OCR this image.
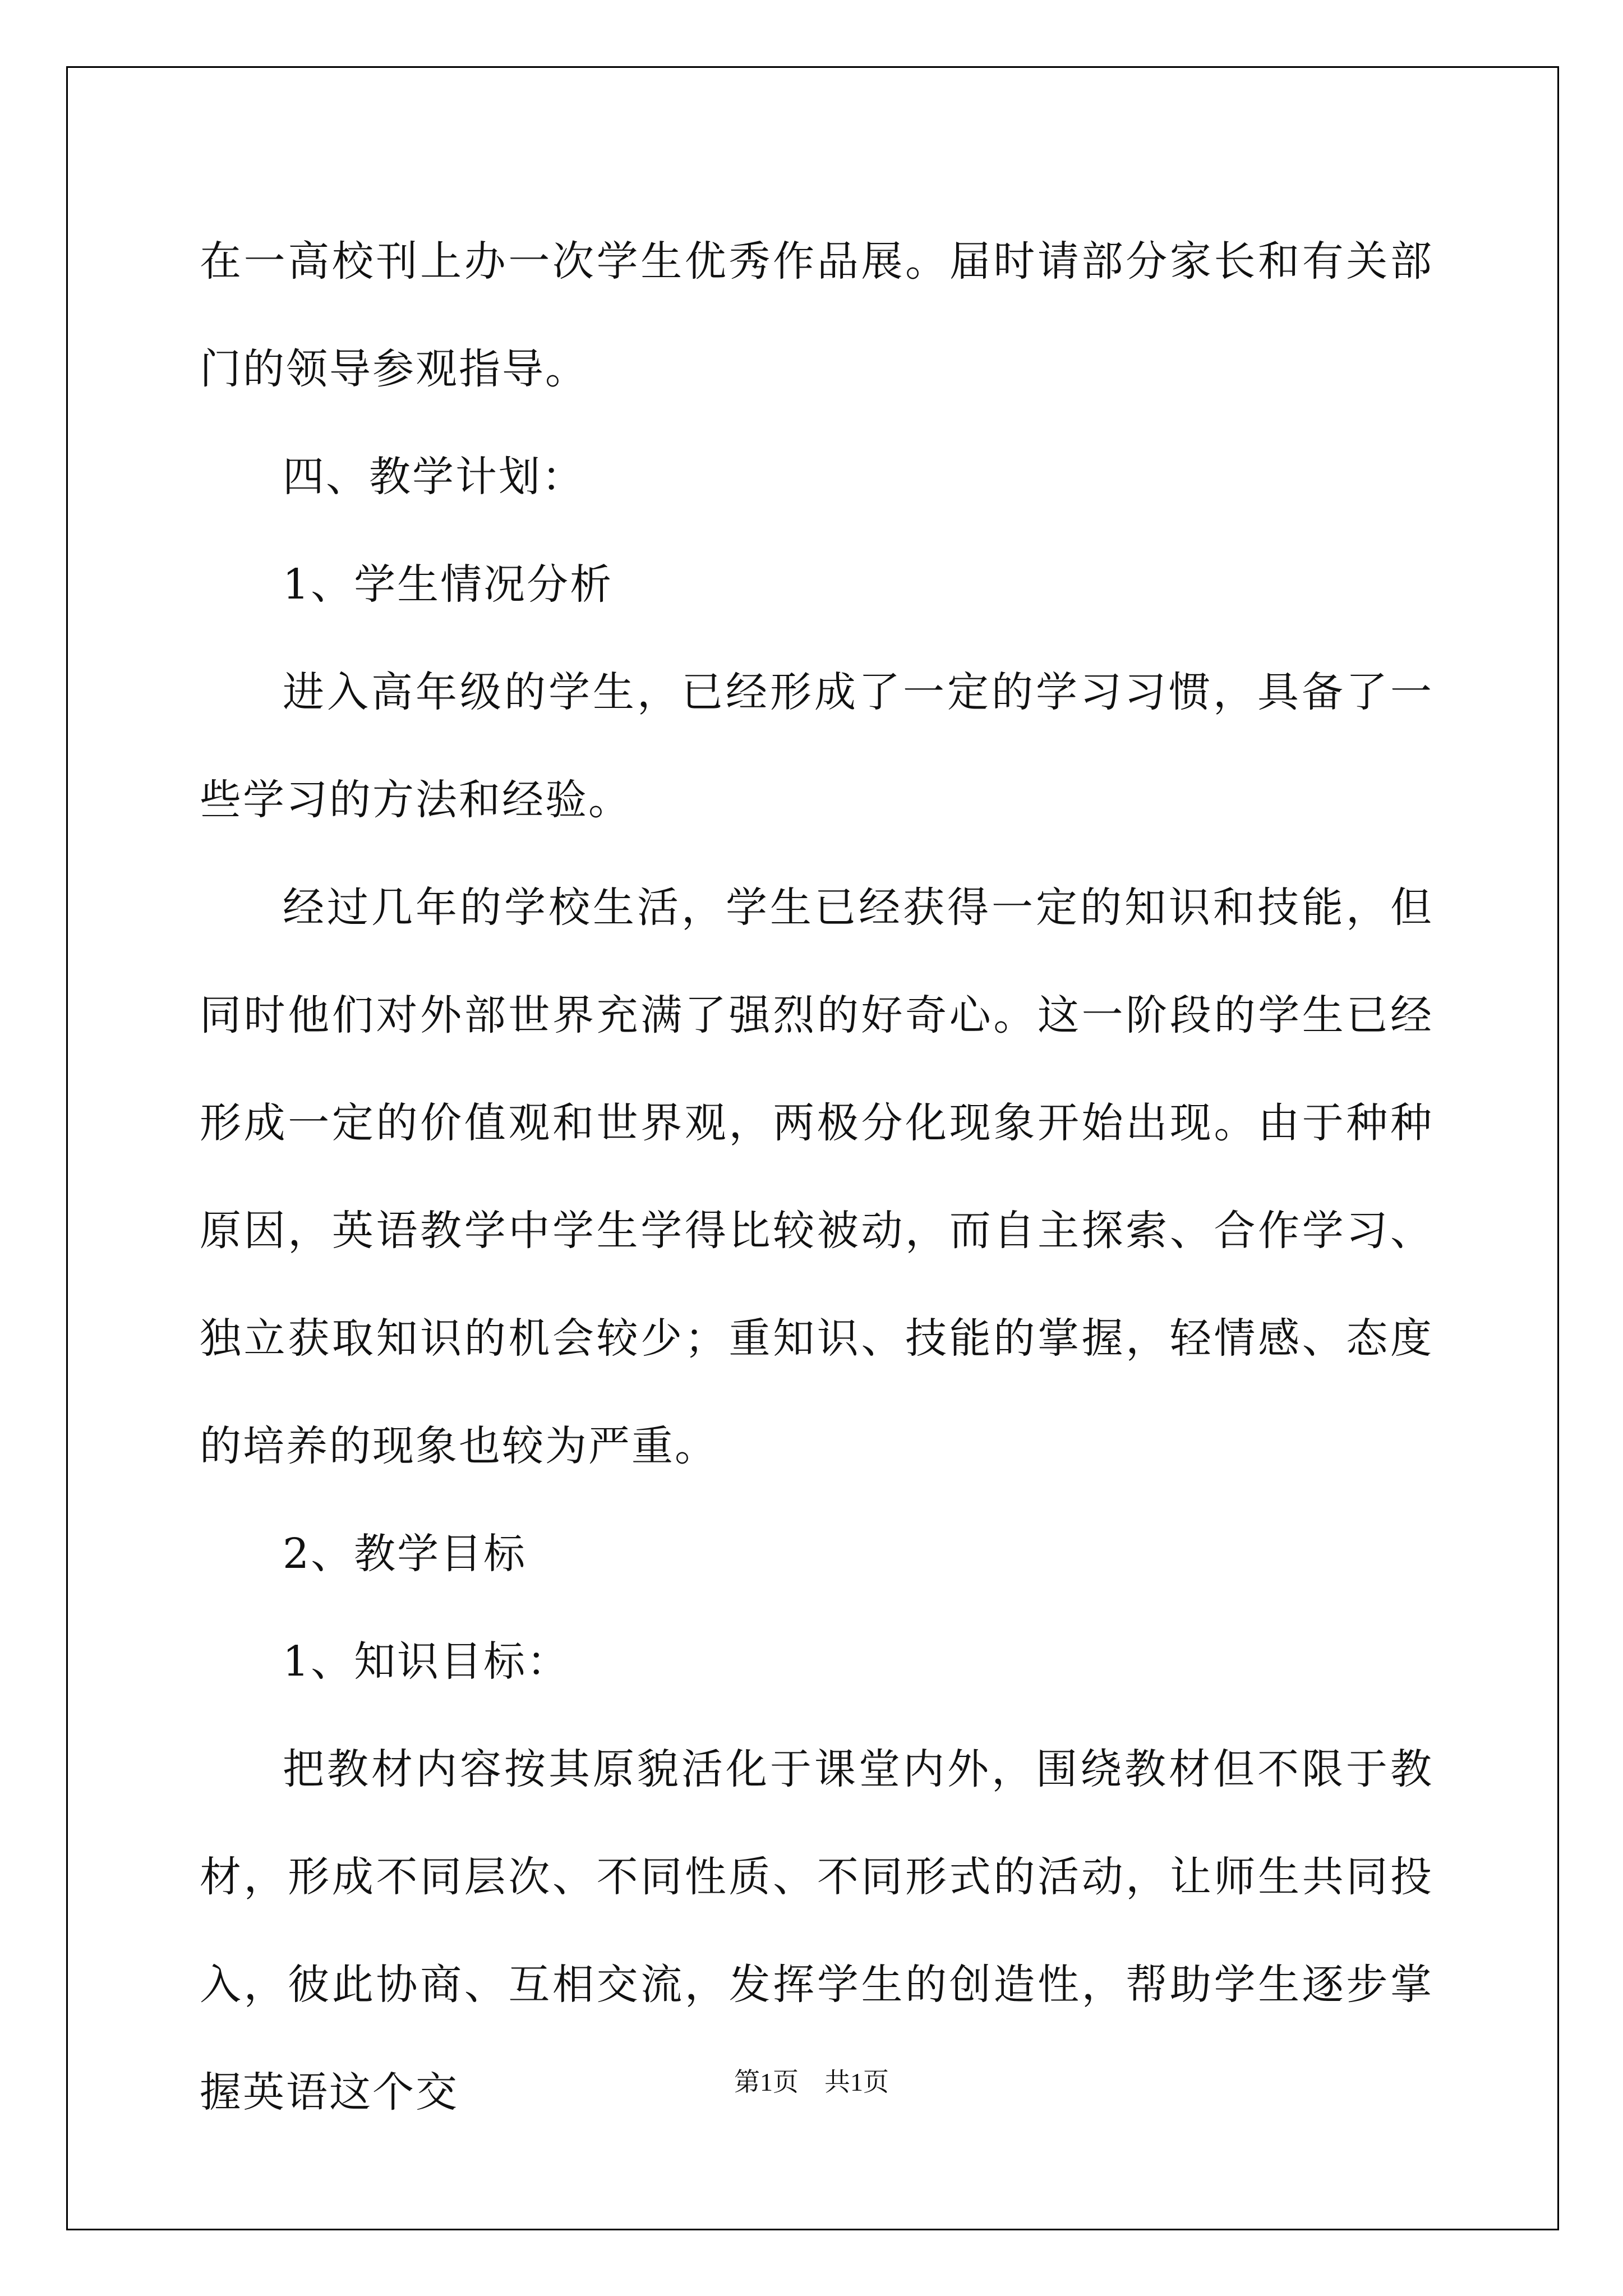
在一高校刊上办一次学生优秀作品展。届时请部分家长和有关部门的领导参观指导。

四、教学计划：

1、学生情况分析

进入高年级的学生，已经形成了一定的学习习惯，具备了一些学习的方法和经验。

经过几年的学校生活，学生已经获得一定的知识和技能，但同时他们对外部世界充满了强烈的好奇心。这一阶段的学生已经形成一定的价值观和世界观，两极分化现象开始出现。由于种种原因，英语教学中学生学得比较被动，而自主探索、合作学习、独立获取知识的机会较少；重知识、技能的掌握，轻情感、态度的培养的现象也较为严重。

2、教学目标

1、知识目标：

把教材内容按其原貌活化于课堂内外，围绕教材但不限于教材，形成不同层次、不同性质、不同形式的活动，让师生共同投入，彼此协商、互相交流，发挥学生的创造性，帮助学生逐步掌握英语这个交	第1页　共1页
